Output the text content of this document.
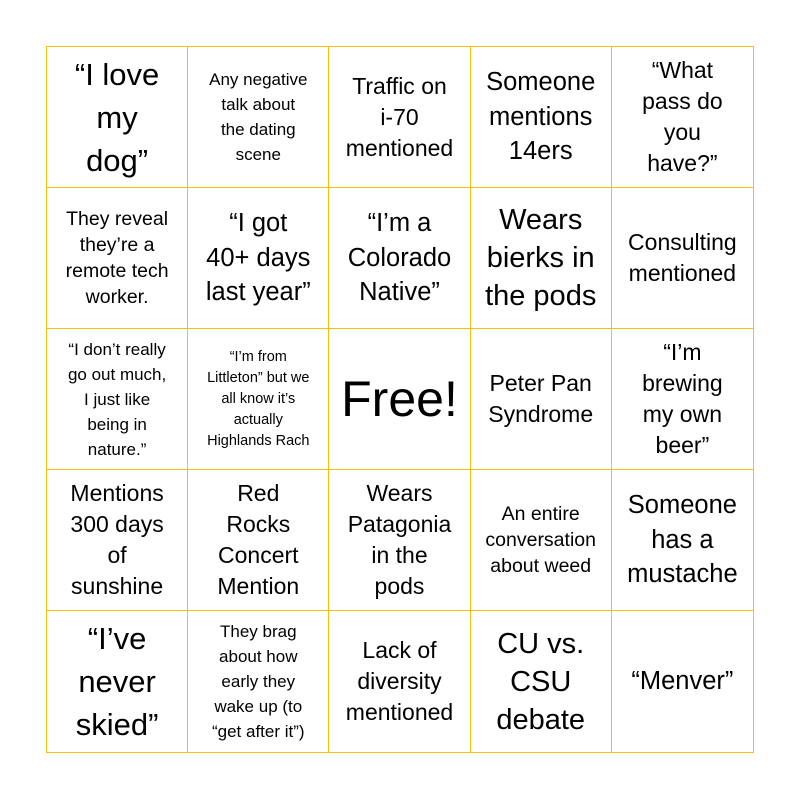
“I love
my
dog”
Any negative
talk about
the dating
scene
Traffic on
i-70
mentioned
Someone
mentions
14ers
“What
pass do
you
have?”
They reveal
they’re a
remote tech
worker.
“I got
40+ days
last year”
“I’m a
Colorado
Native”
Wears
bierks in
the pods
Consulting
mentioned
“I don’t really
go out much,
I just like
being in
nature.”
“I’m from
Littleton” but we
all know it’s
actually
Highlands Rach
Free!	Peter Pan
Syndrome
“I’m
brewing
my own
beer”
Mentions
300 days
of
sunshine
Red
Rocks
Concert
Mention
Wears
Patagonia
in the
pods
An entire
conversation
about weed
Someone
has a
mustache
“I’ve
never
skied”
They brag
about how
early they
wake up (to
“get after it”)
Lack of
diversity
mentioned
CU vs.
CSU
debate
“Menver”
